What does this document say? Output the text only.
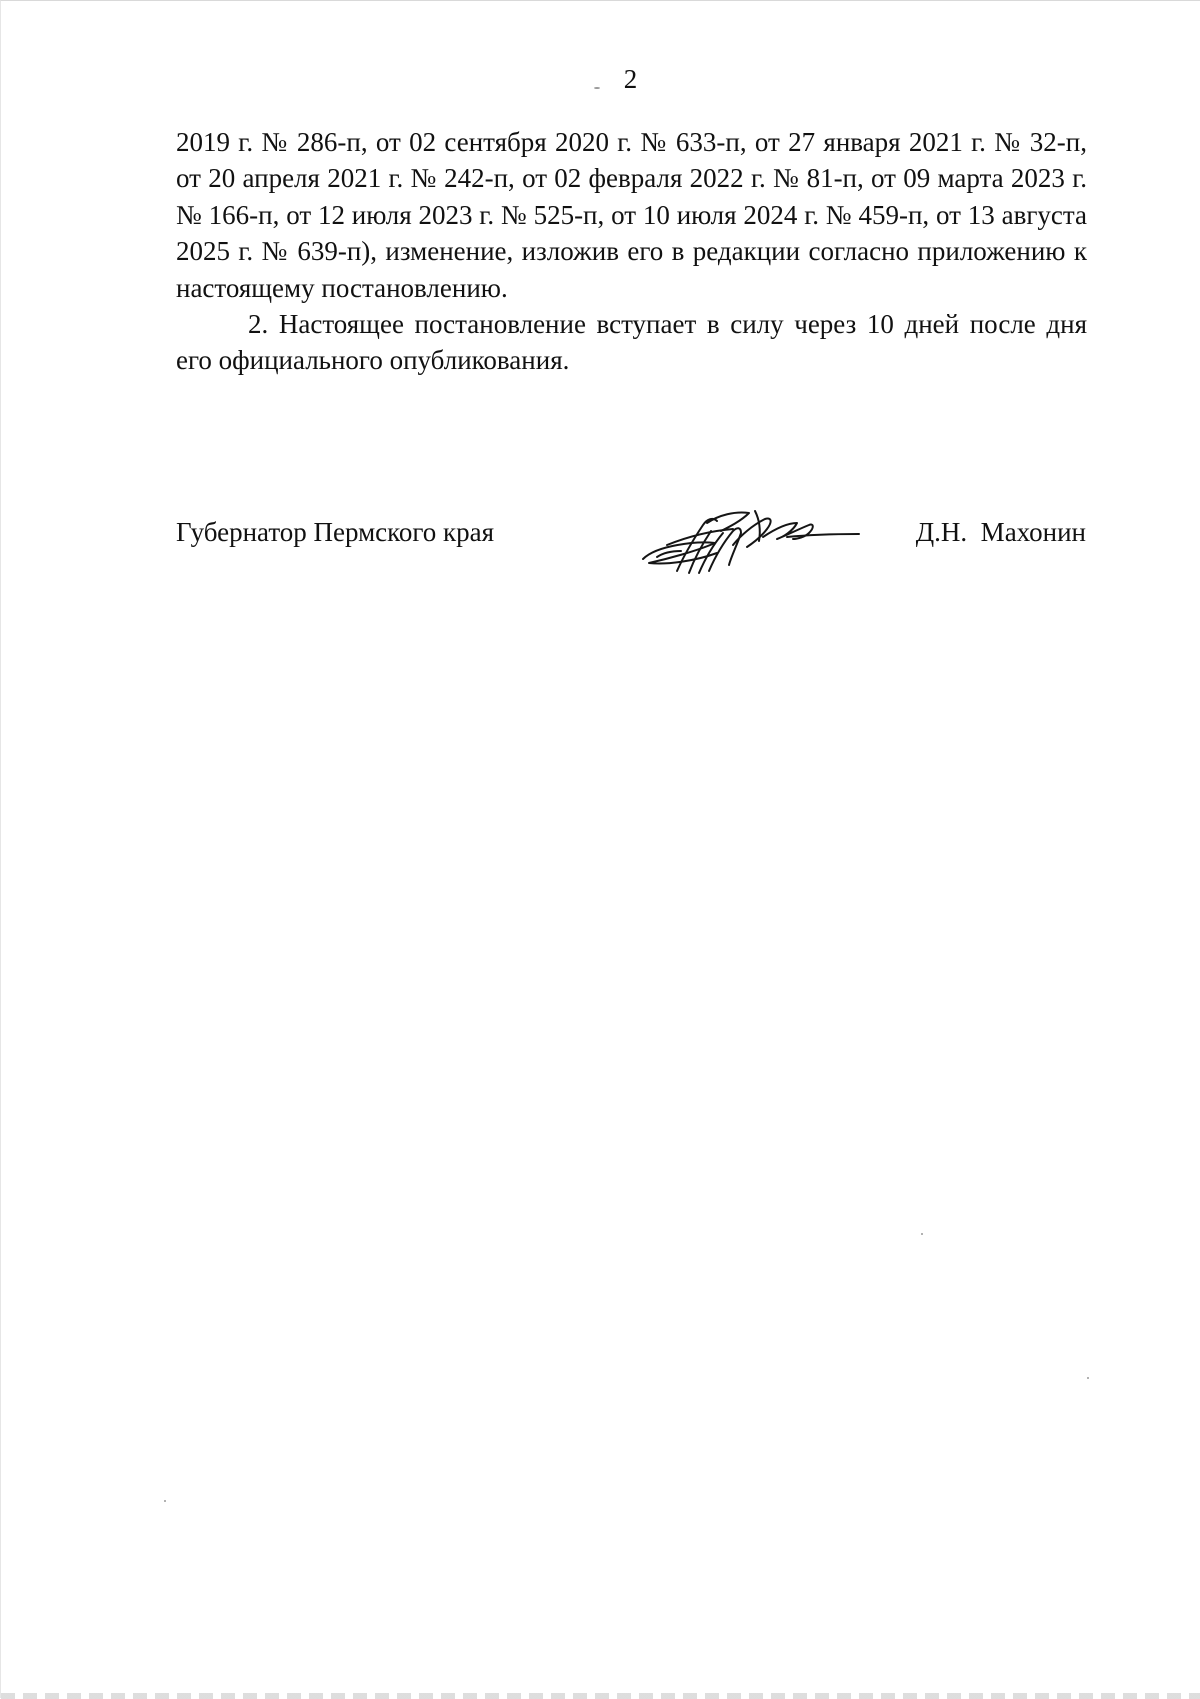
2

2019 г. № 286-п, от 02 сентября 2020 г. № 633-п, от 27 января 2021 г. № 32-п, от 20 апреля 2021 г. № 242-п, от 02 февраля 2022 г. № 81-п, от 09 марта 2023 г. № 166-п, от 12 июля 2023 г. № 525-п, от 10 июля 2024 г. № 459-п, от 13 августа 2025 г. № 639-п), изменение, изложив его в редакции согласно приложению к настоящему постановлению.

2. Настоящее постановление вступает в силу через 10 дней после дня его официального опубликования.

Губернатор Пермского края	Д.Н.  Махонин
